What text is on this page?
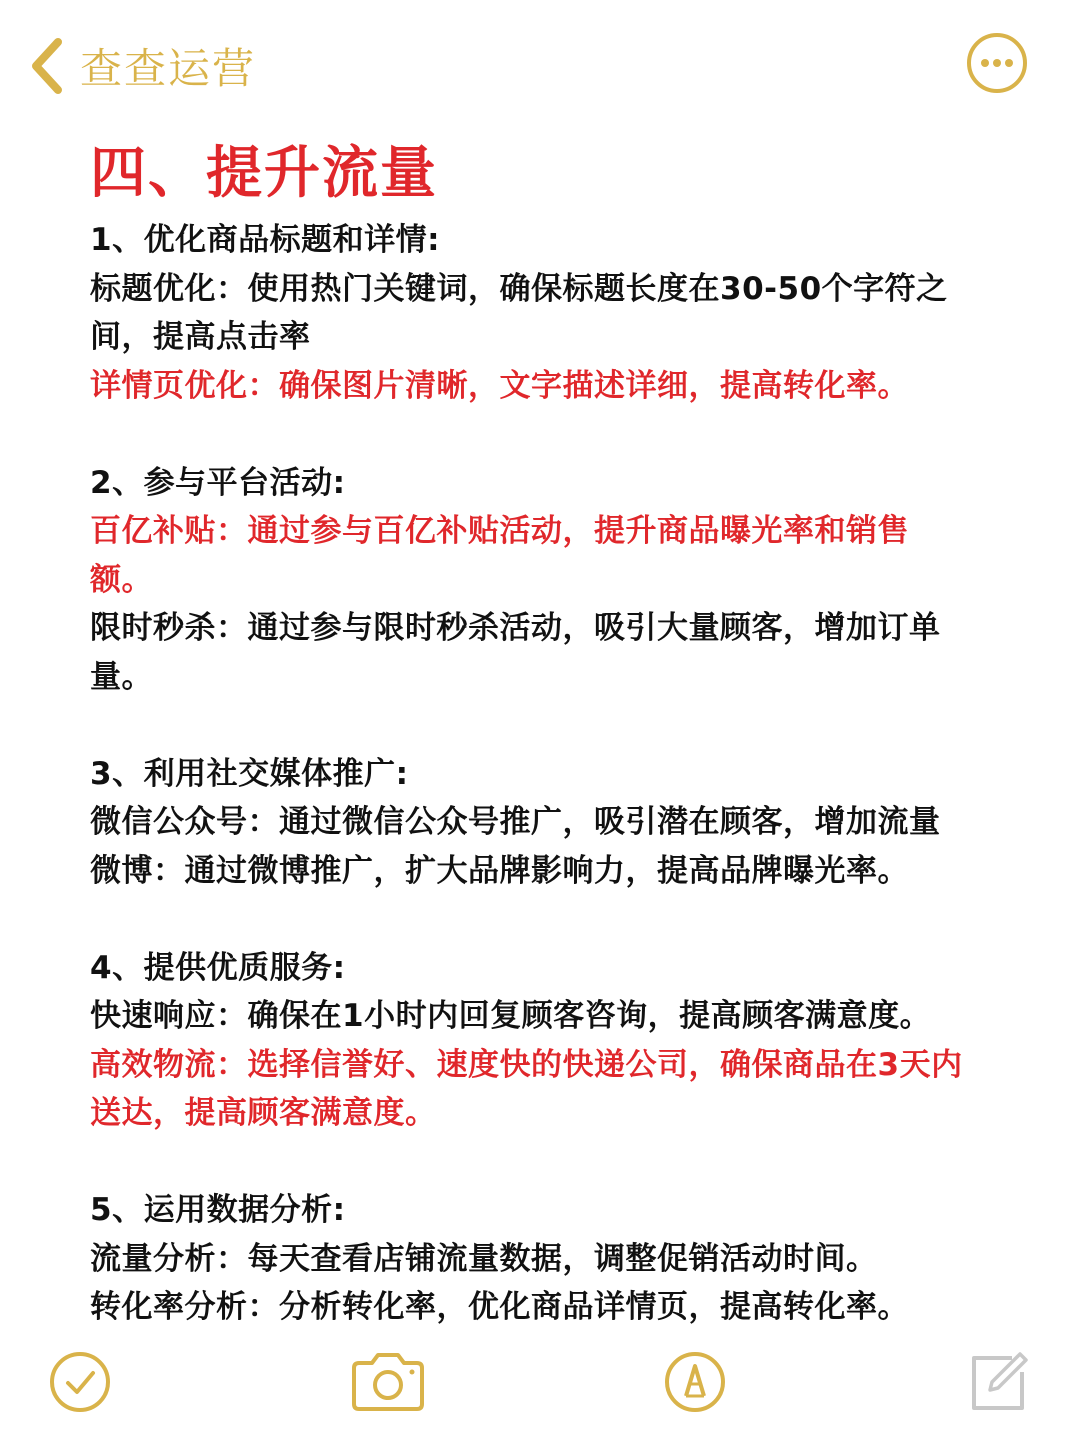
查查运营
四、提升流量

1、优化商品标题和详情:

标题优化：使用热门关键词，确保标题长度在30-50个字符之

间，提高点击率

详情页优化：确保图片清晰，文字描述详细，提高转化率。

2、参与平台活动:

百亿补贴：通过参与百亿补贴活动，提升商品曝光率和销售

额。

限时秒杀：通过参与限时秒杀活动，吸引大量顾客，增加订单

量。

3、利用社交媒体推广:

微信公众号：通过微信公众号推广，吸引潜在顾客，增加流量

微博：通过微博推广，扩大品牌影响力，提高品牌曝光率。

4、提供优质服务:

快速响应：确保在1小时内回复顾客咨询，提高顾客满意度。

高效物流：选择信誉好、速度快的快递公司，确保商品在3天内

送达，提高顾客满意度。

5、运用数据分析:

流量分析：每天查看店铺流量数据，调整促销活动时间。

转化率分析：分析转化率，优化商品详情页，提高转化率。
